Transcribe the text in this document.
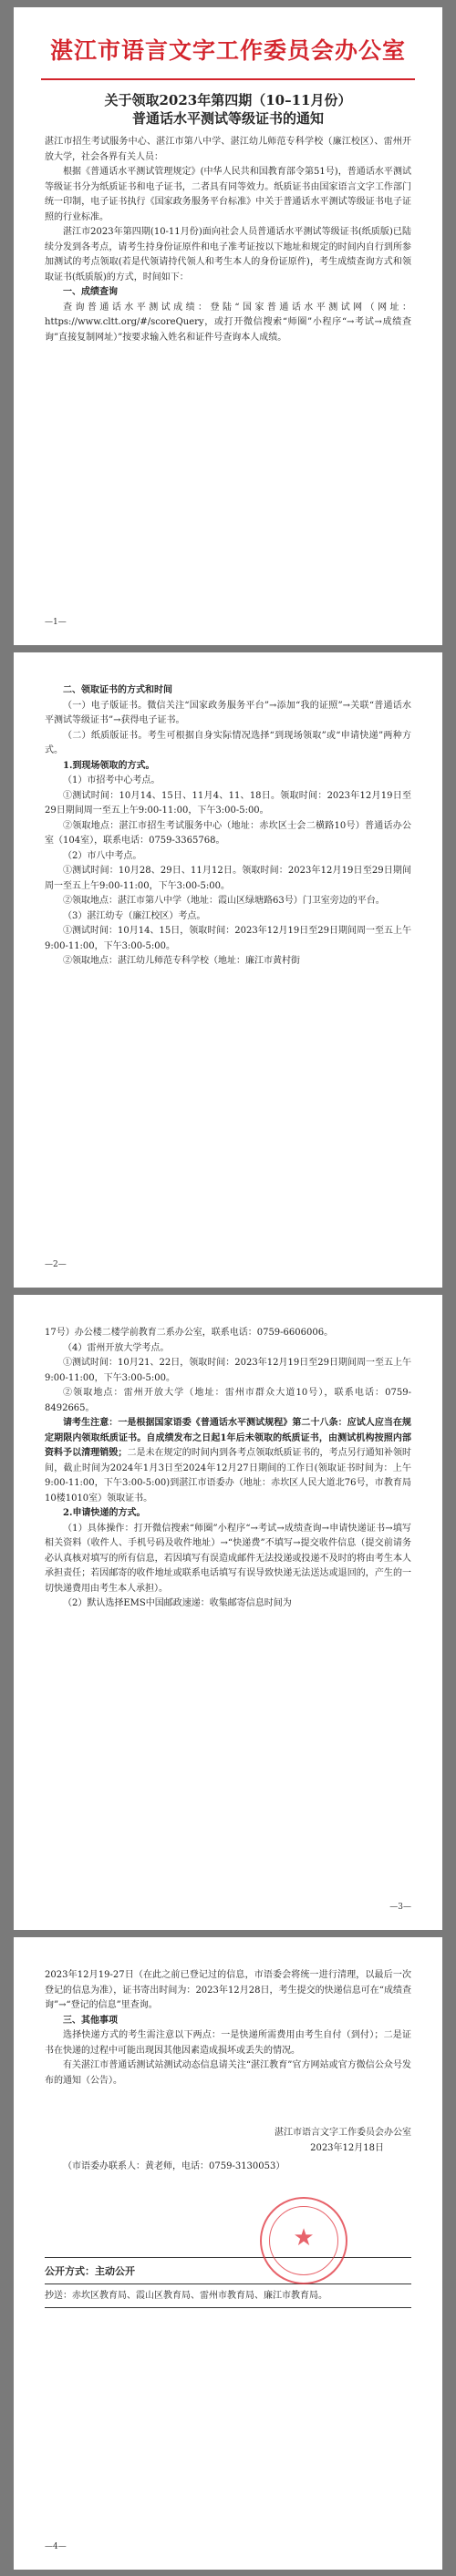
湛江市语言文字工作委员会办公室
关于领取2023年第四期（10–11月份）
普通话水平测试等级证书的通知

湛江市招生考试服务中心、湛江市第八中学、湛江幼儿师范专科学校（廉江校区）、雷州开放大学，社会各界有关人员：

根据《普通话水平测试管理规定》(中华人民共和国教育部令第51号)，普通话水平测试等级证书分为纸质证书和电子证书，二者具有同等效力。纸质证书由国家语言文字工作部门统一印制，电子证书执行《国家政务服务平台标准》中关于普通话水平测试等级证书电子证照的行业标准。

湛江市2023年第四期(10-11月份)面向社会人员普通话水平测试等级证书(纸质版)已陆续分发到各考点，请考生持身份证原件和电子准考证按以下地址和规定的时间内自行到所参加测试的考点领取(若是代领请持代领人和考生本人的身份证原件)，考生成绩查询方式和领取证书(纸质版)的方式，时间如下：

一、成绩查询

查询普通话水平测试成绩：登陆“国家普通话水平测试网（网址：https://www.cltt.org/#/scoreQuery，或打开微信搜索“师圈”小程序“→考试→成绩查询”直接复制网址）”按要求输入姓名和证件号查询本人成绩。

—1—

二、领取证书的方式和时间

（一）电子版证书。微信关注“国家政务服务平台”→添加“我的证照”→关联“普通话水平测试等级证书”→获得电子证书。

（二）纸质版证书。考生可根据自身实际情况选择“到现场领取”或“申请快递”两种方式。

1.到现场领取的方式。

（1）市招考中心考点。

①测试时间：10月14、15日、11月4、11、18日。领取时间：2023年12月19日至29日期间周一至五上午9:00-11:00，下午3:00-5:00。

②领取地点：湛江市招生考试服务中心（地址：赤坎区士会二横路10号）普通话办公室（104室），联系电话：0759-3365768。

（2）市八中考点。

①测试时间：10月28、29日、11月12日。领取时间：2023年12月19日至29日期间周一至五上午9:00-11:00，下午3:00-5:00。

②领取地点：湛江市第八中学（地址：霞山区绿塘路63号）门卫室旁边的平台。

（3）湛江幼专（廉江校区）考点。

①测试时间：10月14、15日，领取时间：2023年12月19日至29日期间周一至五上午9:00-11:00，下午3:00-5:00。

②领取地点：湛江幼儿师范专科学校（地址：廉江市黄村街

—2—

17号）办公楼二楼学前教育二系办公室，联系电话：0759-6606006。

（4）雷州开放大学考点。

①测试时间：10月21、22日，领取时间：2023年12月19日至29日期间周一至五上午9:00-11:00，下午3:00-5:00。

②领取地点：雷州开放大学（地址：雷州市群众大道10号），联系电话：0759-8492665。

请考生注意：一是根据国家语委《普通话水平测试规程》第二十八条：应试人应当在规定期限内领取纸质证书。自成绩发布之日起1年后未领取的纸质证书，由测试机构按照内部资料予以清理销毁；二是未在规定的时间内到各考点领取纸质证书的，考点另行通知补领时间，截止时间为2024年1月3日至2024年12月27日期间的工作日(领取证书时间为：上午9:00-11:00，下午3:00-5:00)到湛江市语委办（地址：赤坎区人民大道北76号，市教育局10楼1010室）领取证书。

2.申请快递的方式。

（1）具体操作：打开微信搜索“师圈”小程序“→考试→成绩查询→申请快递证书→填写相关资料（收件人、手机号码及收件地址）→“快递费”不填写→提交收件信息（提交前请务必认真核对填写的所有信息，若因填写有误造成邮件无法投递或投递不及时的将由考生本人承担责任；若因邮寄的收件地址或联系电话填写有误导致快递无法送达或退回的，产生的一切快递费用由考生本人承担）。

（2）默认选择EMS中国邮政速递：收集邮寄信息时间为

—3—

2023年12月19-27日（在此之前已登记过的信息，市语委会将统一进行清理，以最后一次登记的信息为准），证书寄出时间为：2023年12月28日，考生提交的快递信息可在“成绩查询”→“登记的信息”里查询。

三、其他事项

选择快递方式的考生需注意以下两点：一是快递所需费用由考生自付（到付）；二是证书在快递的过程中可能出现因其他因素造成损坏或丢失的情况。

有关湛江市普通话测试站测试动态信息请关注“湛江教育”官方网站或官方微信公众号发布的通知（公告）。

湛江市语言文字工作委员会办公室
2023年12月18日
★

（市语委办联系人：黄老师，电话：0759-3130053）

公开方式：主动公开
抄送：赤坎区教育局、霞山区教育局、雷州市教育局、廉江市教育局。
—4—
